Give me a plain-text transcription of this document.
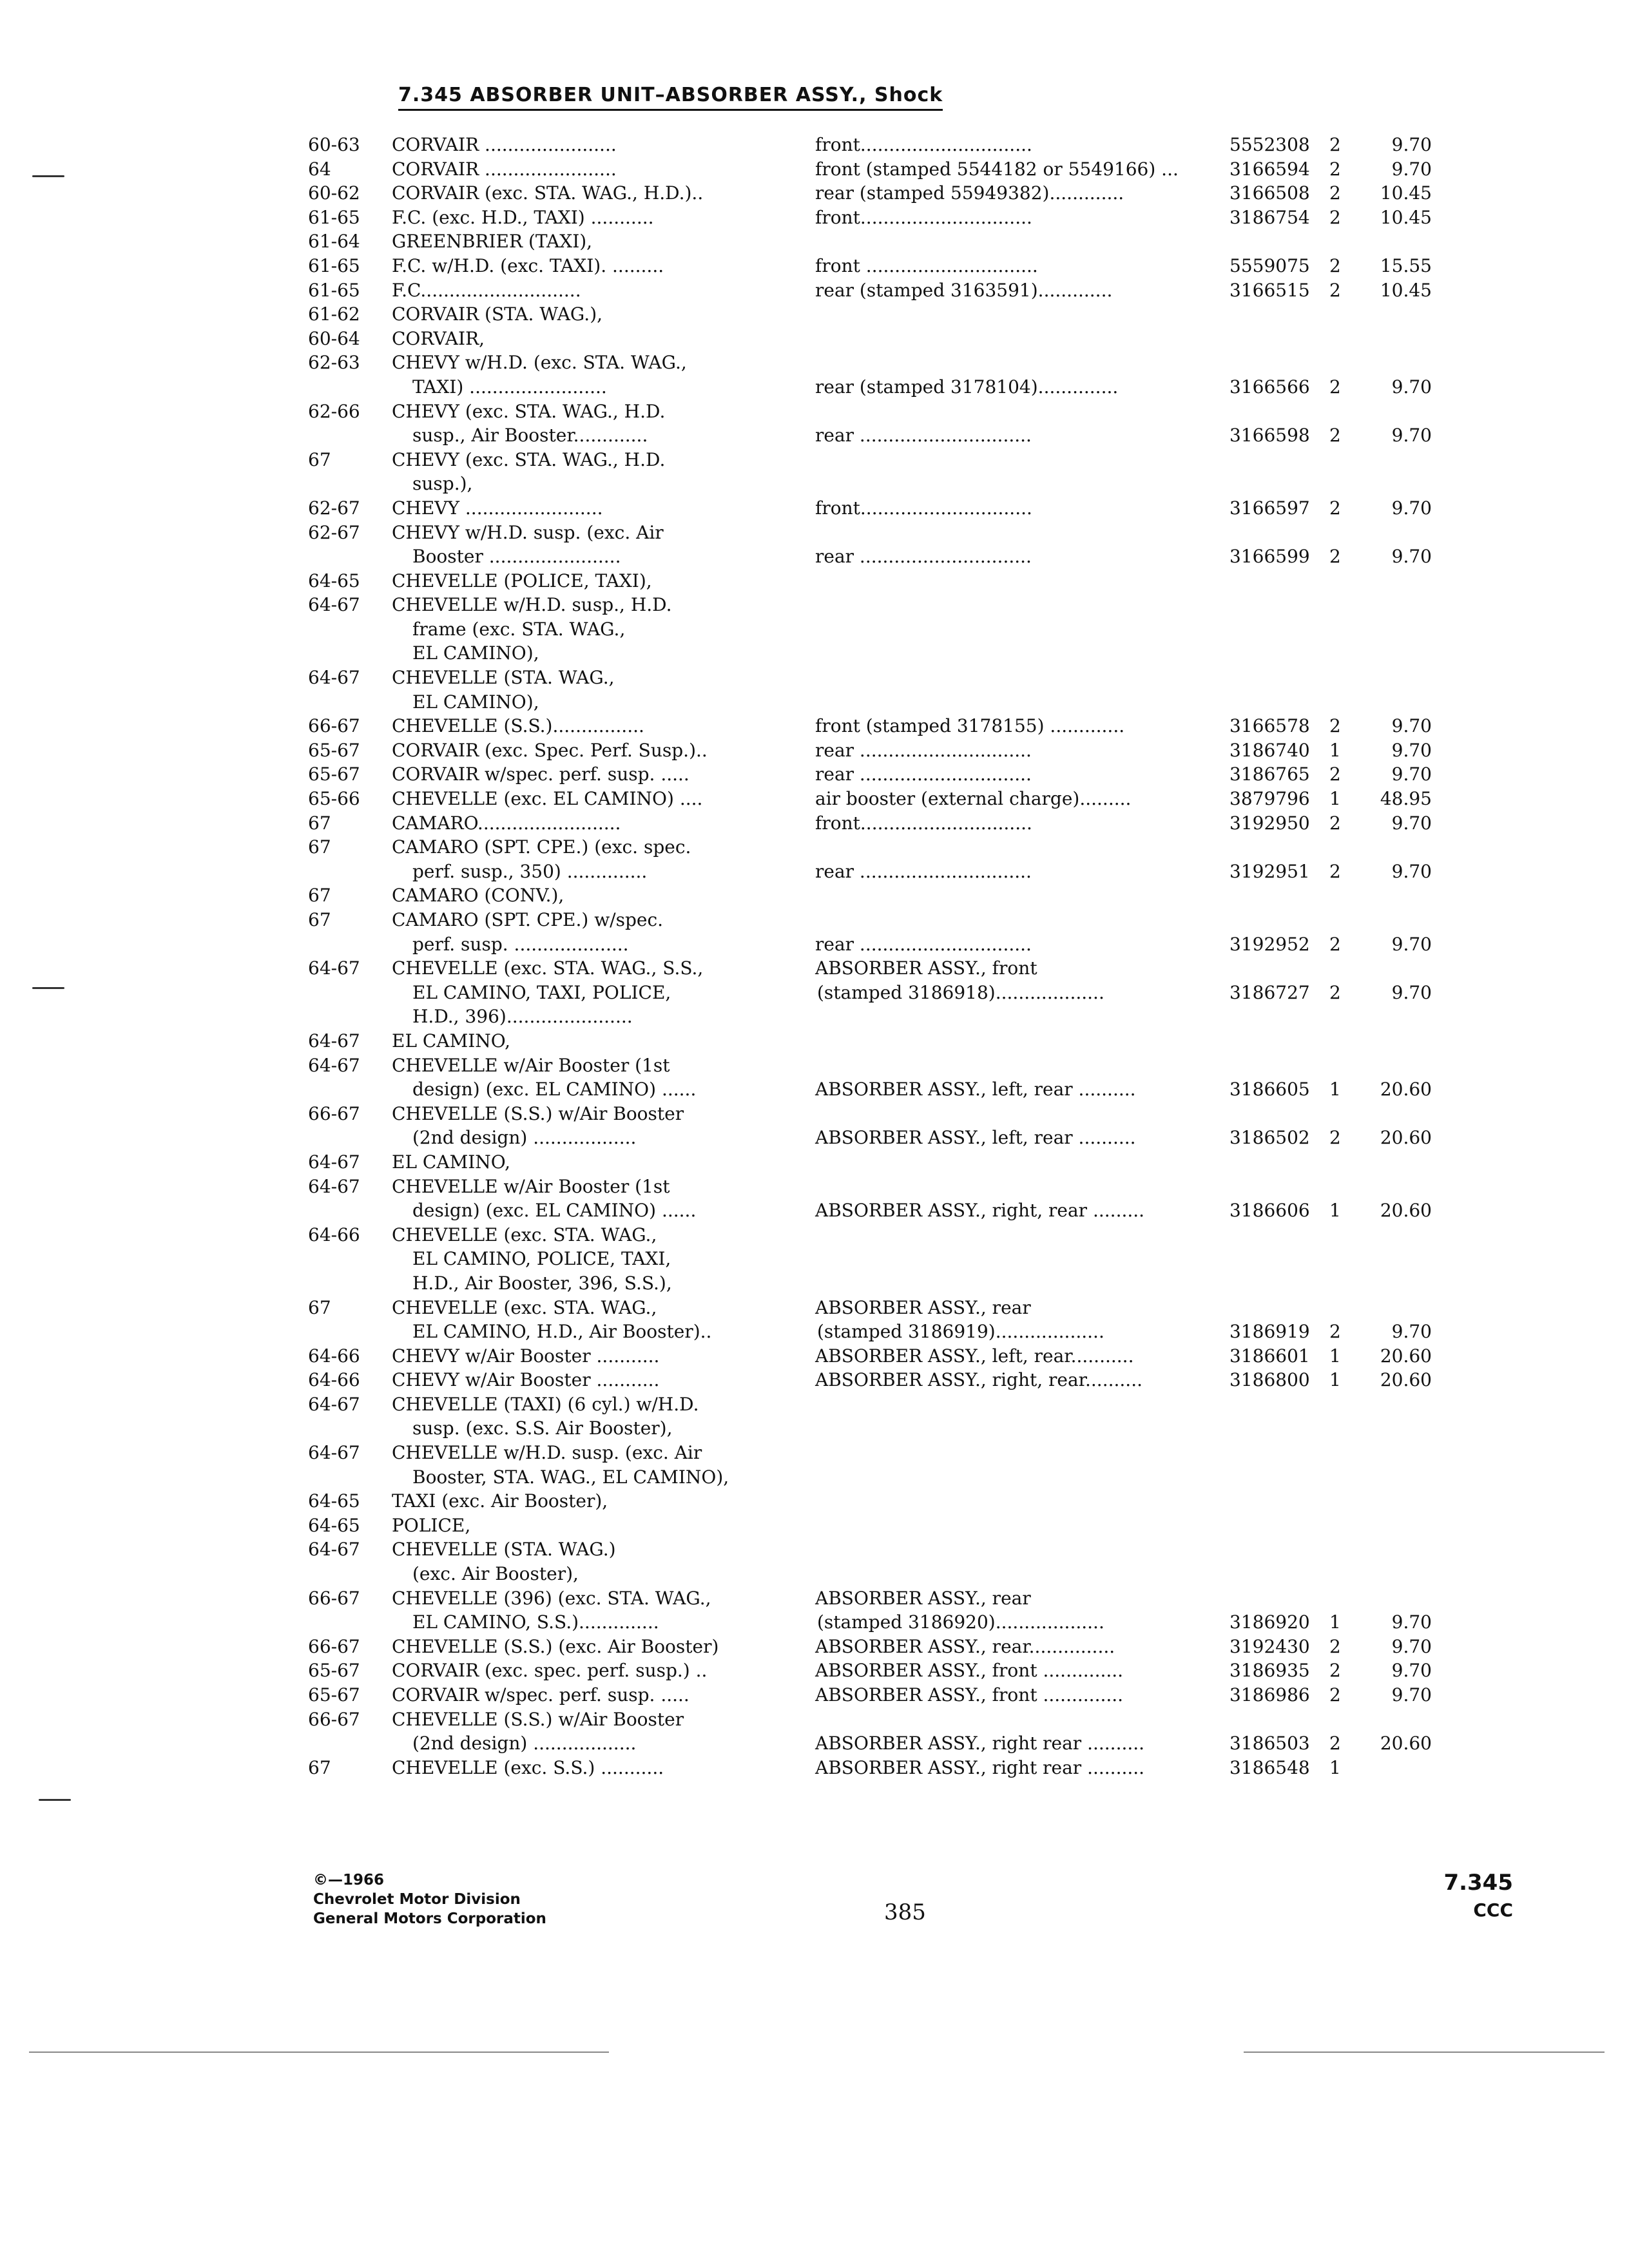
7.345 ABSORBER UNIT–ABSORBER ASSY., Shock
60-63 CORVAIR .......................	front..............................	5552308 2	9.70
64	CORVAIR .......................	front (stamped 5544182 or 5549166) ...	3166594 2	9.70
60-62 CORVAIR (exc. STA. WAG., H.D.)..	rear (stamped 55949382).............	3166508 2 10.45
61-65 F.C. (exc. H.D., TAXI) ...........	front..............................	3186754 2 10.45
61-64 GREENBRIER (TAXI),
61-65 F.C. w/H.D. (exc. TAXI). .........	front ..............................	5559075 2 15.55
61-65 F.C............................	rear (stamped 3163591).............	3166515 2 10.45
61-62 CORVAIR (STA. WAG.),
60-64 CORVAIR,
62-63 CHEVY w/H.D. (exc. STA. WAG.,
TAXI) ........................	rear (stamped 3178104)..............	3166566 2	9.70
62-66 CHEVY (exc. STA. WAG., H.D.
susp., Air Booster.............	rear ..............................	3166598 2	9.70
67	CHEVY (exc. STA. WAG., H.D.
susp.),
62-67 CHEVY ........................	front..............................	3166597 2	9.70
62-67 CHEVY w/H.D. susp. (exc. Air
Booster .......................	rear ..............................	3166599 2	9.70
64-65 CHEVELLE (POLICE, TAXI),
64-67 CHEVELLE w/H.D. susp., H.D.
frame (exc. STA. WAG.,
EL CAMINO),
64-67 CHEVELLE (STA. WAG.,
EL CAMINO),
66-67 CHEVELLE (S.S.)................	front (stamped 3178155) .............	3166578 2	9.70
65-67 CORVAIR (exc. Spec. Perf. Susp.)..	rear ..............................	3186740 1	9.70
65-67 CORVAIR w/spec. perf. susp. .....	rear ..............................	3186765 2	9.70
65-66 CHEVELLE (exc. EL CAMINO) ....	air booster (external charge).........	3879796 1 48.95
67	CAMARO.........................	front..............................	3192950 2	9.70
67	CAMARO (SPT. CPE.) (exc. spec.
perf. susp., 350) ..............	rear ..............................	3192951 2	9.70
67	CAMARO (CONV.),
67	CAMARO (SPT. CPE.) w/spec.
perf. susp. ....................	rear ..............................	3192952 2	9.70
64-67 CHEVELLE (exc. STA. WAG., S.S.,	ABSORBER ASSY., front
EL CAMINO, TAXI, POLICE,	(stamped 3186918)...................	3186727 2	9.70
H.D., 396)......................
64-67 EL CAMINO,
64-67 CHEVELLE w/Air Booster (1st
design) (exc. EL CAMINO) ......	ABSORBER ASSY., left, rear ..........	3186605 1 20.60
66-67 CHEVELLE (S.S.) w/Air Booster
(2nd design) ..................	ABSORBER ASSY., left, rear ..........	3186502 2 20.60
64-67 EL CAMINO,
64-67 CHEVELLE w/Air Booster (1st
design) (exc. EL CAMINO) ......	ABSORBER ASSY., right, rear .........	3186606 1 20.60
64-66 CHEVELLE (exc. STA. WAG.,
EL CAMINO, POLICE, TAXI,
H.D., Air Booster, 396, S.S.),
67	CHEVELLE (exc. STA. WAG.,	ABSORBER ASSY., rear
EL CAMINO, H.D., Air Booster)..	(stamped 3186919)...................	3186919 2	9.70
64-66 CHEVY w/Air Booster ...........	ABSORBER ASSY., left, rear...........	3186601 1 20.60
64-66 CHEVY w/Air Booster ...........	ABSORBER ASSY., right, rear..........	3186800 1 20.60
64-67 CHEVELLE (TAXI) (6 cyl.) w/H.D.
susp. (exc. S.S. Air Booster),
64-67 CHEVELLE w/H.D. susp. (exc. Air
Booster, STA. WAG., EL CAMINO),
64-65 TAXI (exc. Air Booster),
64-65 POLICE,
64-67 CHEVELLE (STA. WAG.)
(exc. Air Booster),
66-67 CHEVELLE (396) (exc. STA. WAG.,	ABSORBER ASSY., rear
EL CAMINO, S.S.)..............	(stamped 3186920)...................	3186920 1	9.70
66-67 CHEVELLE (S.S.) (exc. Air Booster)	ABSORBER ASSY., rear...............	3192430 2	9.70
65-67 CORVAIR (exc. spec. perf. susp.) ..	ABSORBER ASSY., front ..............	3186935 2	9.70
65-67 CORVAIR w/spec. perf. susp. .....	ABSORBER ASSY., front ..............	3186986 2	9.70
66-67 CHEVELLE (S.S.) w/Air Booster
(2nd design) ..................	ABSORBER ASSY., right rear ..........	3186503 2 20.60
67	CHEVELLE (exc. S.S.) ...........	ABSORBER ASSY., right rear ..........	3186548 1
©—1966
Chevrolet Motor Division
General Motors Corporation	385
7.345
CCC
